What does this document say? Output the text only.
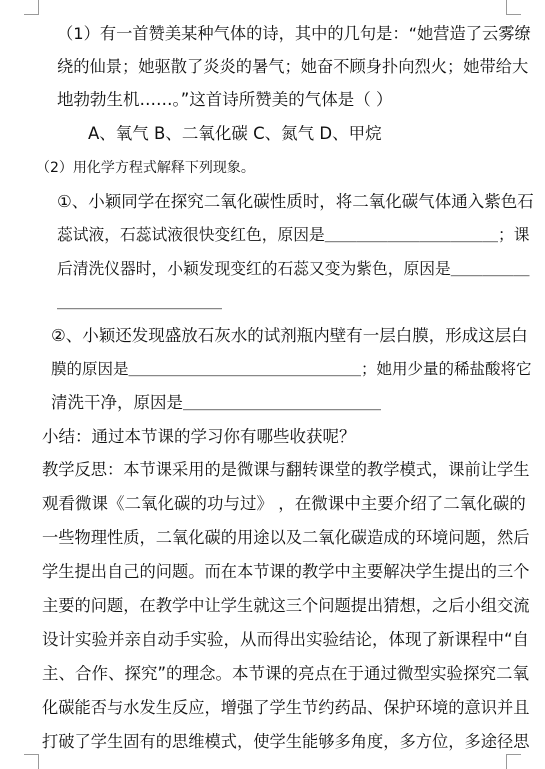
（1）有一首赞美某种气体的诗，其中的几句是：“她营造了云雾缭
绕的仙景；她驱散了炎炎的暑气；她奋不顾身扑向烈火；她带给大
地勃勃生机……。”这首诗所赞美的气体是（ ）
A、氧气 B、二氧化碳 C、氮气 D、甲烷
（2）用化学方程式解释下列现象。
①、小颖同学在探究二氧化碳性质时，将二氧化碳气体通入紫色石
蕊试液，石蕊试液很快变红色，原因是＿＿＿＿＿＿＿＿＿＿＿；课
后清洗仪器时，小颖发现变红的石蕊又变为紫色，原因是＿＿＿＿＿
＿＿＿＿＿＿＿＿＿＿
②、小颖还发现盛放石灰水的试剂瓶内壁有一层白膜，形成这层白
膜的原因是＿＿＿＿＿＿＿＿＿＿＿＿＿＿＿；她用少量的稀盐酸将它
清洗干净，原因是＿＿＿＿＿＿＿＿＿＿＿＿
小结：通过本节课的学习你有哪些收获呢？
教学反思：本节课采用的是微课与翻转课堂的教学模式，课前让学生
观看微课《二氧化碳的功与过》 ，在微课中主要介绍了二氧化碳的
一些物理性质，二氧化碳的用途以及二氧化碳造成的环境问题，然后
学生提出自己的问题。而在本节课的教学中主要解决学生提出的三个
主要的问题，在教学中让学生就这三个问题提出猜想，之后小组交流
设计实验并亲自动手实验，从而得出实验结论，体现了新课程中“自
主、合作、探究”的理念。本节课的亮点在于通过微型实验探究二氧
化碳能否与水发生反应，增强了学生节约药品、保护环境的意识并且
打破了学生固有的思维模式，使学生能够多角度，多方位，多途径思
